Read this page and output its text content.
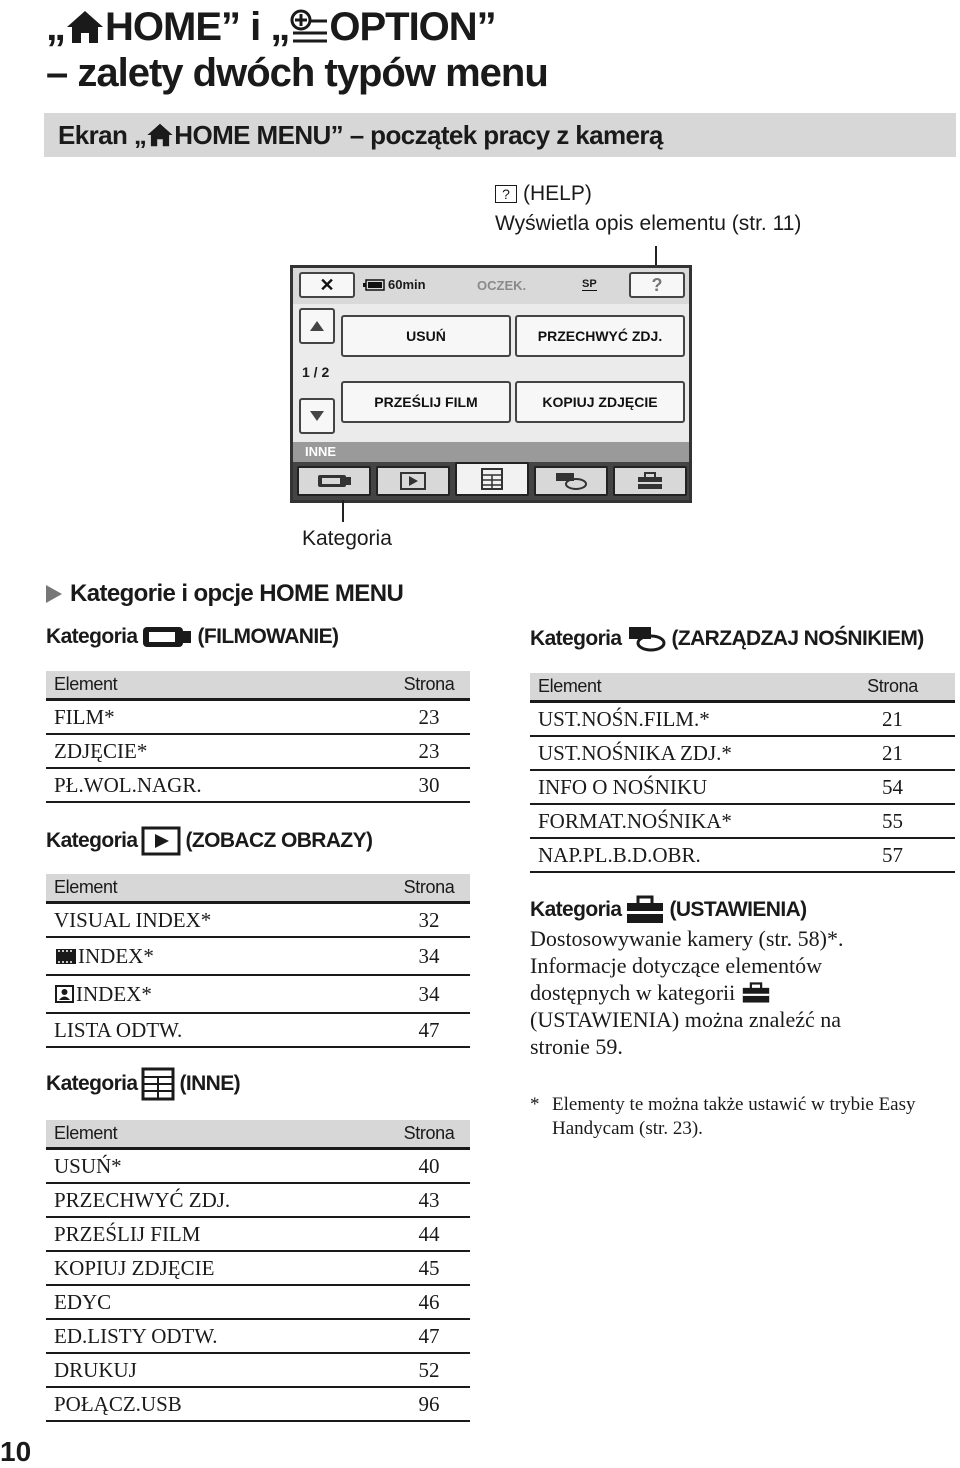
„ HOME” i „ OPTION”
– zalety dwóch typów menu
Ekran „ HOME MENU” – początek pracy z kamerą
? (HELP)
Wyświetla opis elementu (str. 11)
✕	60min	OCZEK.	SP	?
1 / 2
USUŃ	PRZECHWYĆ ZDJ.
PRZEŚLIJ FILM	KOPIUJ ZDJĘCIE
INNE
Kategoria
Kategorie i opcje HOME MENU
Kategoria	(FILMOWANIE)
Element	Strona
FILM*	23
ZDJĘCIE*	23
PŁ.WOL.NAGR.	30
Kategoria (ZOBACZ OBRAZY)
Element	Strona
VISUAL INDEX*	32
INDEX*	34
INDEX*	34
LISTA ODTW.	47
Kategoria (INNE)
Element	Strona
USUŃ*	40
PRZECHWYĆ ZDJ.	43
PRZEŚLIJ FILM	44
KOPIUJ ZDJĘCIE	45
EDYC	46
ED.LISTY ODTW.	47
DRUKUJ	52
POŁĄCZ.USB	96
Kategoria (ZARZĄDZAJ NOŚNIKIEM)
Element	Strona
UST.NOŚN.FILM.*	21
UST.NOŚNIKA ZDJ.*	21
INFO O NOŚNIKU	54
FORMAT.NOŚNIKA*	55
NAP.PL.B.D.OBR.	57
Kategoria (USTAWIENIA)
Dostosowywanie kamery (str. 58)*.
Informacje dotyczące elementów
dostępnych w kategorii
(USTAWIENIA) można znaleźć na
stronie 59.
* Elementy te można także ustawić w trybie Easy
Handycam (str. 23).
10
